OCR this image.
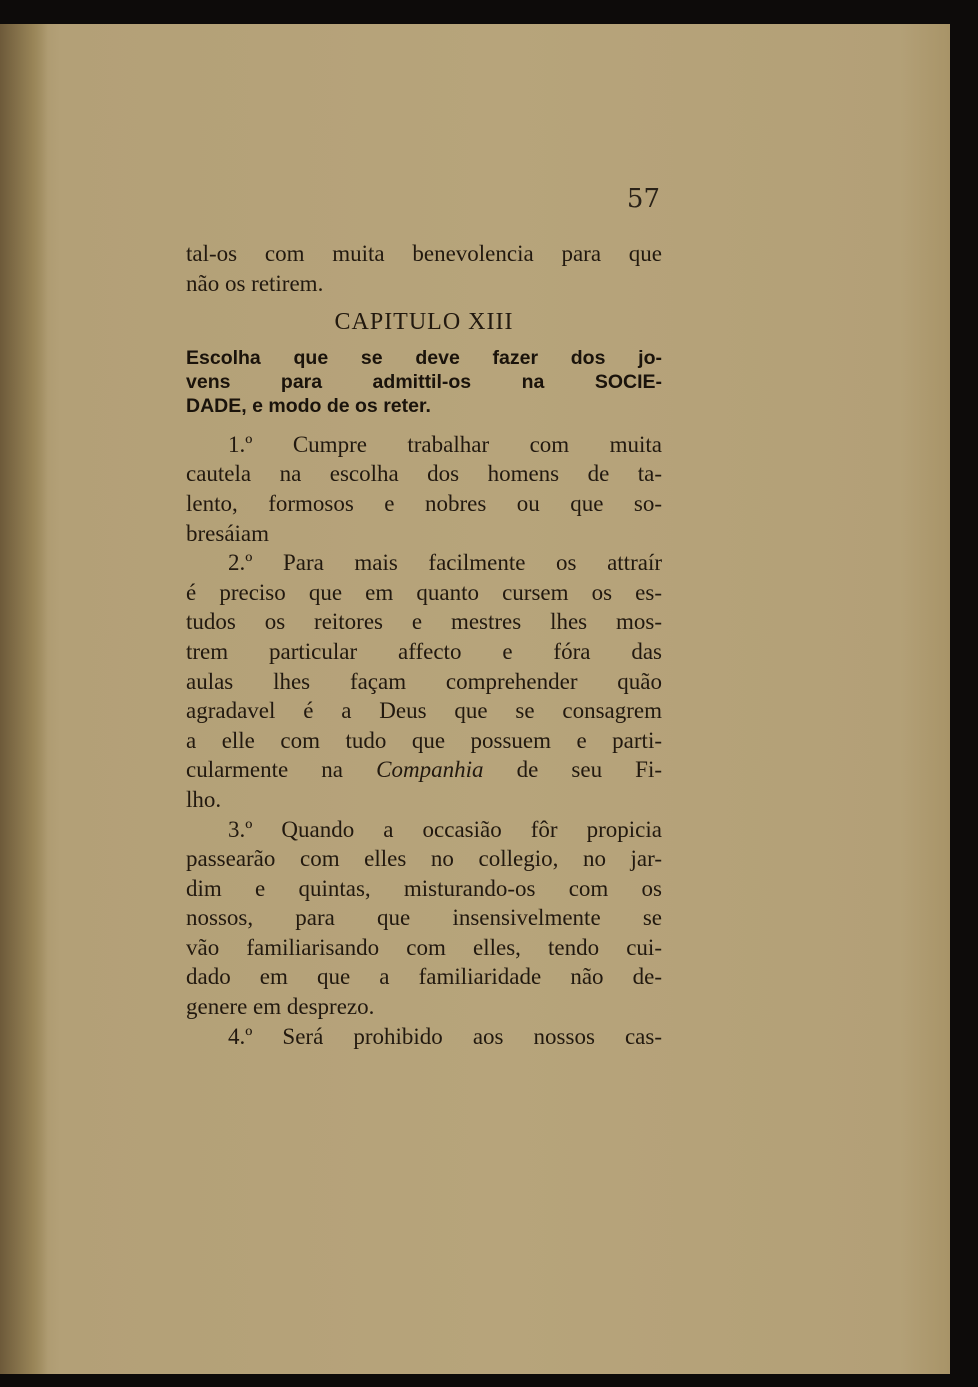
57
tal-os com muita benevolencia para que
não os retirem.
CAPITULO XIII
Escolha que se deve fazer dos jo-
vens para admittil-os na SOCIE-
DADE, e modo de os reter.
1.º Cumpre trabalhar com muita
cautela na escolha dos homens de ta-
lento, formosos e nobres ou que so-
bresáiam
2.º Para mais facilmente os attraír
é preciso que em quanto cursem os es-
tudos os reitores e mestres lhes mos-
trem particular affecto e fóra das
aulas lhes façam comprehender quão
agradavel é a Deus que se consagrem
a elle com tudo que possuem e parti-
cularmente na Companhia de seu Fi-
lho.
3.º Quando a occasião fôr propicia
passearão com elles no collegio, no jar-
dim e quintas, misturando-os com os
nossos, para que insensivelmente se
vão familiarisando com elles, tendo cui-
dado em que a familiaridade não de-
genere em desprezo.
4.º Será prohibido aos nossos cas-
